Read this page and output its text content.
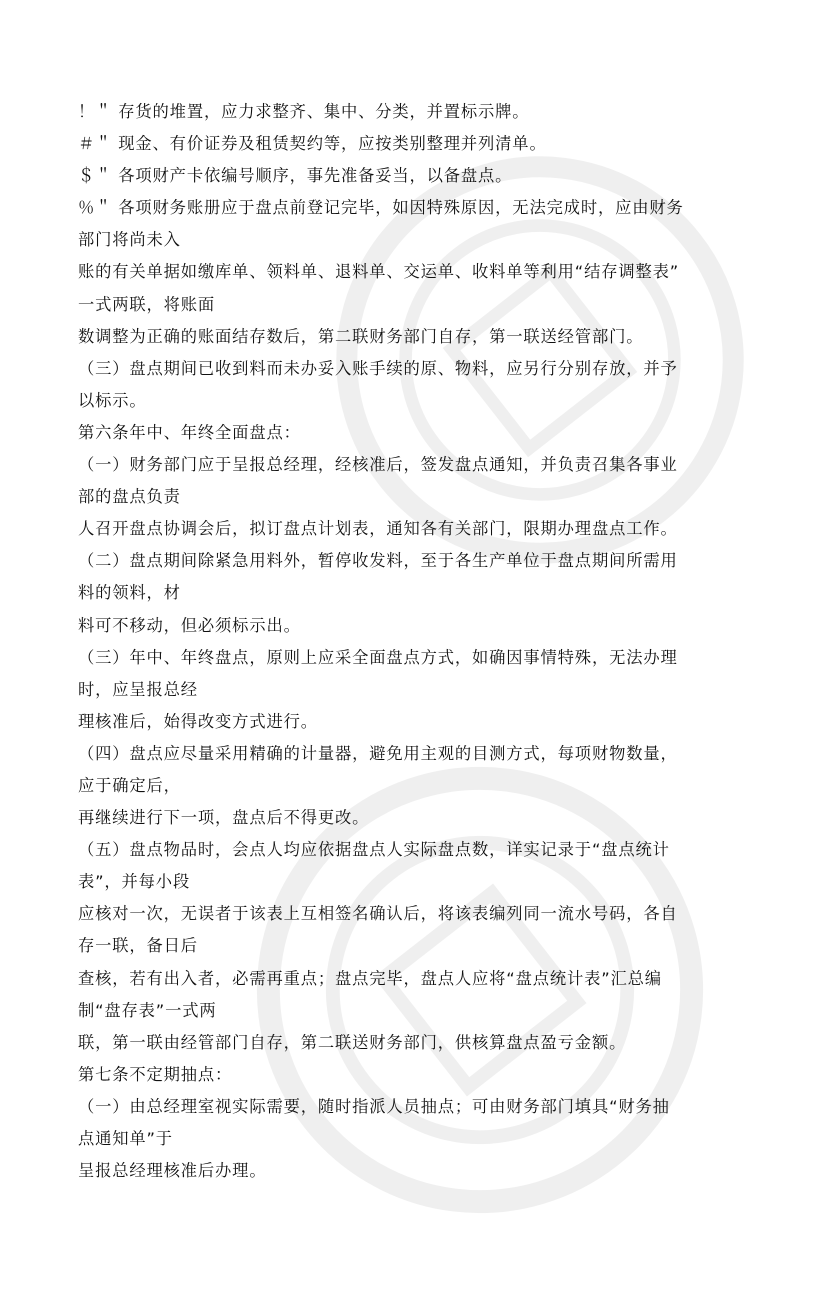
！＂ 存货的堆置，应力求整齐、集中、分类，并置标示牌。
＃＂ 现金、有价证券及租赁契约等，应按类别整理并列清单。
＄＂ 各项财产卡依编号顺序，事先准备妥当，以备盘点。
％＂ 各项财务账册应于盘点前登记完毕，如因特殊原因，无法完成时，应由财务
部门将尚未入
账的有关单据如缴库单、领料单、退料单、交运单、收料单等利用“结存调整表”
一式两联，将账面
数调整为正确的账面结存数后，第二联财务部门自存，第一联送经管部门。
（三）盘点期间已收到料而未办妥入账手续的原、物料，应另行分别存放，并予
以标示。
第六条年中、年终全面盘点：
（一）财务部门应于呈报总经理，经核准后，签发盘点通知，并负责召集各事业
部的盘点负责
人召开盘点协调会后，拟订盘点计划表，通知各有关部门，限期办理盘点工作。
（二）盘点期间除紧急用料外，暂停收发料，至于各生产单位于盘点期间所需用
料的领料，材
料可不移动，但必须标示出。
（三）年中、年终盘点，原则上应采全面盘点方式，如确因事情特殊，无法办理
时，应呈报总经
理核准后，始得改变方式进行。
（四）盘点应尽量采用精确的计量器，避免用主观的目测方式，每项财物数量，
应于确定后，
再继续进行下一项，盘点后不得更改。
（五）盘点物品时，会点人均应依据盘点人实际盘点数，详实记录于“盘点统计
表”，并每小段
应核对一次，无误者于该表上互相签名确认后，将该表编列同一流水号码，各自
存一联，备日后
查核，若有出入者，必需再重点；盘点完毕，盘点人应将“盘点统计表”汇总编
制“盘存表”一式两
联，第一联由经管部门自存，第二联送财务部门，供核算盘点盈亏金额。
第七条不定期抽点：
（一）由总经理室视实际需要，随时指派人员抽点；可由财务部门填具“财务抽
点通知单”于
呈报总经理核准后办理。
